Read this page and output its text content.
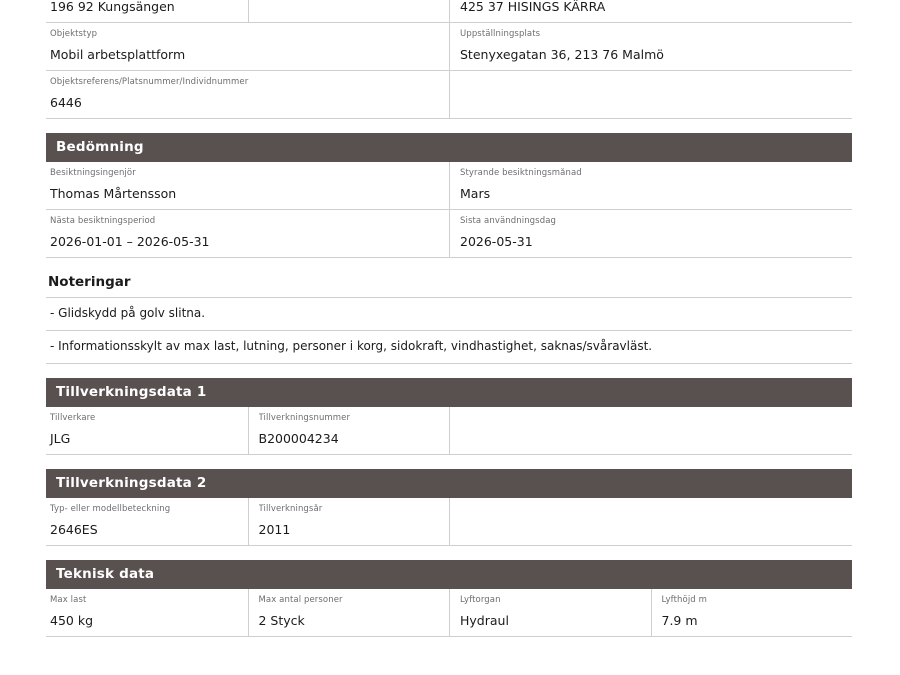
196 92 Kungsängen	425 37 HISINGS KÄRRA
Objektstyp
Mobil arbetsplattform
Uppställningsplats
Stenyxegatan 36, 213 76 Malmö
Objektsreferens/Platsnummer/Individnummer
6446
Bedömning
Besiktningsingenjör
Thomas Mårtensson
Styrande besiktningsmånad
Mars
Nästa besiktningsperiod
2026-01-01 – 2026-05-31
Sista användningsdag
2026-05-31
Noteringar
- Glidskydd på golv slitna.
- Informationsskylt av max last, lutning, personer i korg, sidokraft, vindhastighet, saknas/svåravläst.
Tillverkningsdata 1
Tillverkare
JLG
Tillverkningsnummer
B200004234
Tillverkningsdata 2
Typ- eller modellbeteckning
2646ES
Tillverkningsår
2011
Teknisk data
Max last
450 kg
Max antal personer
2 Styck
Lyftorgan
Hydraul
Lyfthöjd m
7.9 m
